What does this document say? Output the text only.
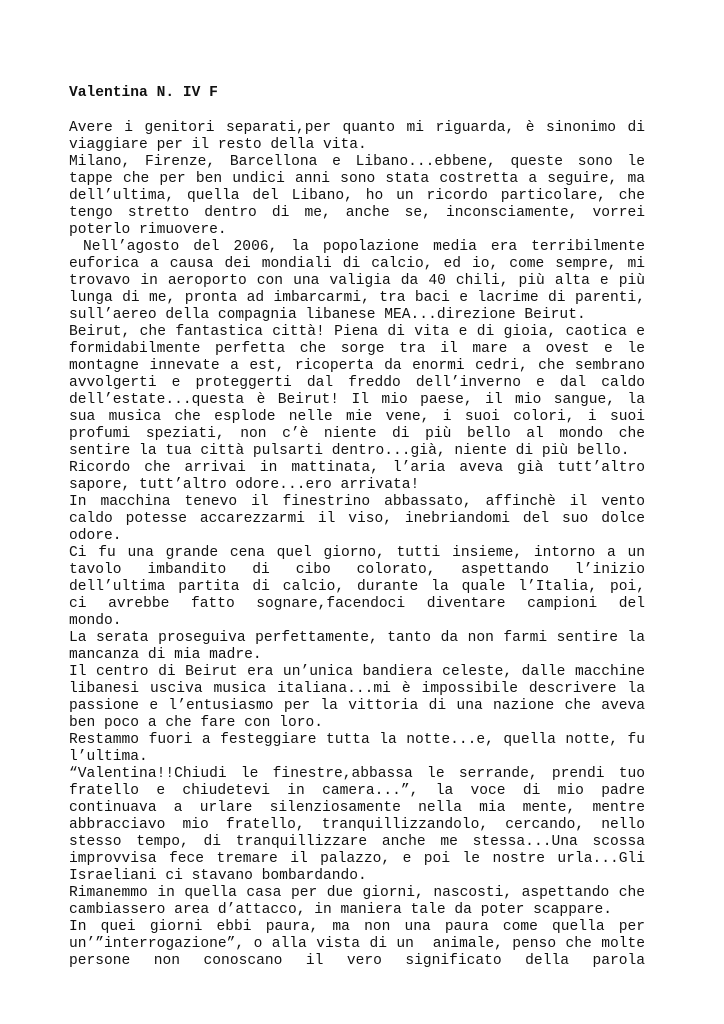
Valentina N. IV F
Avere i genitori separati,per quanto mi riguarda, è sinonimo di
viaggiare per il resto della vita.
Milano, Firenze, Barcellona e Libano...ebbene, queste sono le
tappe che per ben undici anni sono stata costretta a seguire, ma
dell’ultima, quella del Libano, ho un ricordo particolare, che
tengo stretto dentro di me, anche se, inconsciamente, vorrei
poterlo rimuovere.
Nell’agosto del 2006, la popolazione media era terribilmente
euforica a causa dei mondiali di calcio, ed io, come sempre, mi
trovavo in aeroporto con una valigia da 40 chili, più alta e più
lunga di me, pronta ad imbarcarmi, tra baci e lacrime di parenti,
sull’aereo della compagnia libanese MEA...direzione Beirut.
Beirut, che fantastica città! Piena di vita e di gioia, caotica e
formidabilmente perfetta che sorge tra il mare a ovest e le
montagne innevate a est, ricoperta da enormi cedri, che sembrano
avvolgerti e proteggerti dal freddo dell’inverno e dal caldo
dell’estate...questa è Beirut! Il mio paese, il mio sangue, la
sua musica che esplode nelle mie vene, i suoi colori, i suoi
profumi speziati, non c’è niente di più bello al mondo che
sentire la tua città pulsarti dentro...già, niente di più bello.
Ricordo che arrivai in mattinata, l’aria aveva già tutt’altro
sapore, tutt’altro odore...ero arrivata!
In macchina tenevo il finestrino abbassato, affinchè il vento
caldo potesse accarezzarmi il viso, inebriandomi del suo dolce
odore.
Ci fu una grande cena quel giorno, tutti insieme, intorno a un
tavolo imbandito di cibo colorato, aspettando l’inizio
dell’ultima partita di calcio, durante la quale l’Italia, poi,
ci avrebbe fatto sognare,facendoci diventare campioni del
mondo.
La serata proseguiva perfettamente, tanto da non farmi sentire la
mancanza di mia madre.
Il centro di Beirut era un’unica bandiera celeste, dalle macchine
libanesi usciva musica italiana...mi è impossibile descrivere la
passione e l’entusiasmo per la vittoria di una nazione che aveva
ben poco a che fare con loro.
Restammo fuori a festeggiare tutta la notte...e, quella notte, fu
l’ultima.
“Valentina!!Chiudi le finestre,abbassa le serrande, prendi tuo
fratello e chiudetevi in camera...”, la voce di mio padre
continuava a urlare silenziosamente nella mia mente, mentre
abbracciavo mio fratello, tranquillizzandolo, cercando, nello
stesso tempo, di tranquillizzare anche me stessa...Una scossa
improvvisa fece tremare il palazzo, e poi le nostre urla...Gli
Israeliani ci stavano bombardando.
Rimanemmo in quella casa per due giorni, nascosti, aspettando che
cambiassero area d’attacco, in maniera tale da poter scappare.
In quei giorni ebbi paura, ma non una paura come quella per
un’”interrogazione”, o alla vista di un  animale, penso che molte
persone non conoscano il vero significato della parola
